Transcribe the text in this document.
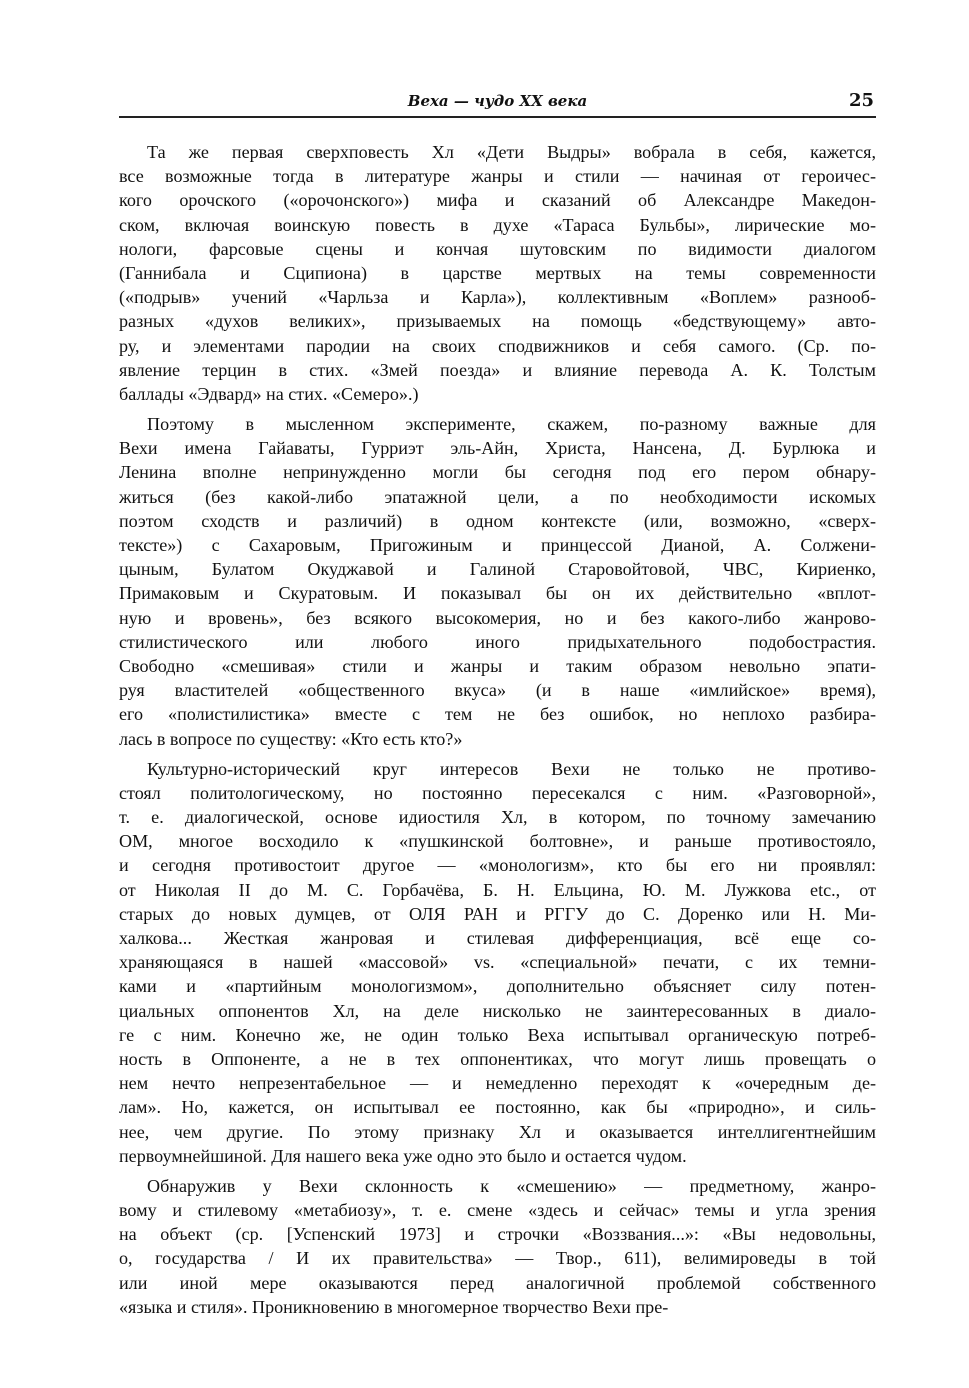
Веха — чудо XX века	25
Та же первая сверхповесть Хл «Дети Выдры» вобрала в себя, кажется,
все возможные тогда в литературе жанры и стили — начиная от героичес-
кого орочского («орочонского») мифа и сказаний об Александре Македон-
ском, включая воинскую повесть в духе «Тараса Бульбы», лирические мо-
нологи, фарсовые сцены и кончая шутовским по видимости диалогом
(Ганнибала и Сципиона) в царстве мертвых на темы современности
(«подрыв» учений «Чарльза и Карла»), коллективным «Воплем» разнооб-
разных «духов великих», призываемых на помощь «бедствующему» авто-
ру, и элементами пародии на своих сподвижников и себя самого. (Ср. по-
явление терцин в стих. «Змей поезда» и влияние перевода А. К. Толстым
баллады «Эдвард» на стих. «Семеро».)
Поэтому в мысленном эксперименте, скажем, по-разному важные для
Вехи имена Гайаваты, Гурриэт эль-Айн, Христа, Нансена, Д. Бурлюка и
Ленина вполне непринужденно могли бы сегодня под его пером обнару-
житься (без какой-либо эпатажной цели, а по необходимости искомых
поэтом сходств и различий) в одном контексте (или, возможно, «сверх-
тексте») с Сахаровым, Пригожиным и принцессой Дианой, А. Солжени-
цыным, Булатом Окуджавой и Галиной Старовойтовой, ЧВС, Кириенко,
Примаковым и Скуратовым. И показывал бы он их действительно «вплот-
ную и вровень», без всякого высокомерия, но и без какого-либо жанрово-
стилистического или любого иного придыхательного подобострастия.
Свободно «смешивая» стили и жанры и таким образом невольно эпати-
руя властителей «общественного вкуса» (и в наше «имлийское» время),
его «полистилистика» вместе с тем не без ошибок, но неплохо разбира-
лась в вопросе по существу: «Кто есть кто?»
Культурно-исторический круг интересов Вехи не только не противо-
стоял политологическому, но постоянно пересекался с ним. «Разговорной»,
т. е. диалогической, основе идиостиля Хл, в котором, по точному замечанию
ОМ, многое восходило к «пушкинской болтовне», и раньше противостояло,
и сегодня противостоит другое — «монологизм», кто бы его ни проявлял:
от Николая II до М. С. Горбачёва, Б. Н. Ельцина, Ю. М. Лужкова etc., от
старых до новых думцев, от ОЛЯ РАН и РГГУ до С. Доренко или Н. Ми-
халкова... Жесткая жанровая и стилевая дифференциация, всё еще со-
храняющаяся в нашей «массовой» vs. «специальной» печати, с их темни-
ками и «партийным монологизмом», дополнительно объясняет силу потен-
циальных оппонентов Хл, на деле нисколько не заинтересованных в диало-
ге с ним. Конечно же, не один только Веха испытывал органическую потреб-
ность в Оппоненте, а не в тех оппонентиках, что могут лишь провещать о
нем нечто непрезентабельное — и немедленно переходят к «очередным де-
лам». Но, кажется, он испытывал ее постоянно, как бы «природно», и силь-
нее, чем другие. По этому признаку Хл и оказывается интеллигентнейшим
первоумнейшиной. Для нашего века уже одно это было и остается чудом.
Обнаружив у Вехи склонность к «смешению» — предметному, жанро-
вому и стилевому «метабиозу», т. е. смене «здесь и сейчас» темы и угла зрения
на объект (ср. [Успенский 1973] и строчки «Воззвания...»: «Вы недовольны,
о, государства / И их правительства» — Твор., 611), велимироведы в той
или иной мере оказываются перед аналогичной проблемой собственного
«языка и стиля». Проникновению в многомерное творчество Вехи пре-
